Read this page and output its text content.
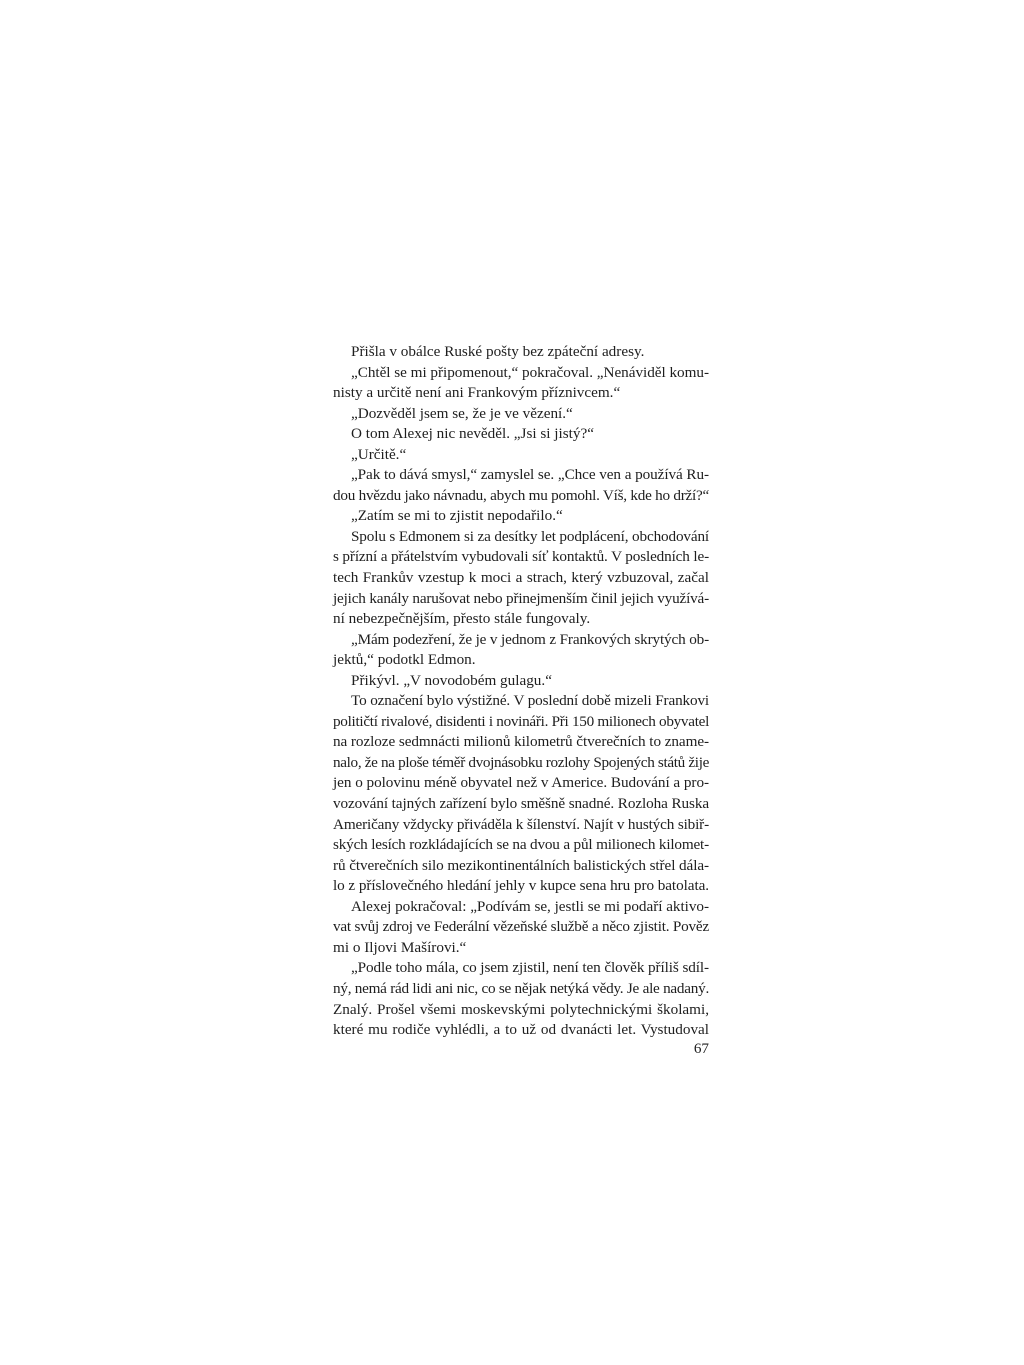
Přišla v obálce Ruské pošty bez zpáteční adresy.
„Chtěl se mi připomenout,“ pokračoval. „Nenáviděl komu-
nisty a určitě není ani Frankovým příznivcem.“
„Dozvěděl jsem se, že je ve vězení.“
O tom Alexej nic nevěděl. „Jsi si jistý?“
„Určitě.“
„Pak to dává smysl,“ zamyslel se. „Chce ven a používá Ru-
dou hvězdu jako návnadu, abych mu pomohl. Víš, kde ho drží?“
„Zatím se mi to zjistit nepodařilo.“
Spolu s Edmonem si za desítky let podplácení, obchodování
s přízní a přátelstvím vybudovali síť kontaktů. V posledních le-
tech Frankův vzestup k moci a strach, který vzbuzoval, začal
jejich kanály narušovat nebo přinejmenším činil jejich využívá-
ní nebezpečnějším, přesto stále fungovaly.
„Mám podezření, že je v jednom z Frankových skrytých ob-
jektů,“ podotkl Edmon.
Přikývl. „V novodobém gulagu.“
To označení bylo výstižné. V poslední době mizeli Frankovi
političtí rivalové, disidenti i novináři. Při 150 milionech obyvatel
na rozloze sedmnácti milionů kilometrů čtverečních to zname-
nalo, že na ploše téměř dvojnásobku rozlohy Spojených států žije
jen o polovinu méně obyvatel než v Americe. Budování a pro-
vozování tajných zařízení bylo směšně snadné. Rozloha Ruska
Američany vždycky přiváděla k šílenství. Najít v hustých sibiř-
ských lesích rozkládajících se na dvou a půl milionech kilomet-
rů čtverečních silo mezikontinentálních balistických střel dála-
lo z příslovečného hledání jehly v kupce sena hru pro batolata.
Alexej pokračoval: „Podívám se, jestli se mi podaří aktivo-
vat svůj zdroj ve Federální vězeňské službě a něco zjistit. Pověz
mi o Iljovi Mašírovi.“
„Podle toho mála, co jsem zjistil, není ten člověk příliš sdíl-
ný, nemá rád lidi ani nic, co se nějak netýká vědy. Je ale nadaný.
Znalý. Prošel všemi moskevskými polytechnickými školami,
které mu rodiče vyhlédli, a to už od dvanácti let. Vystudoval
67
